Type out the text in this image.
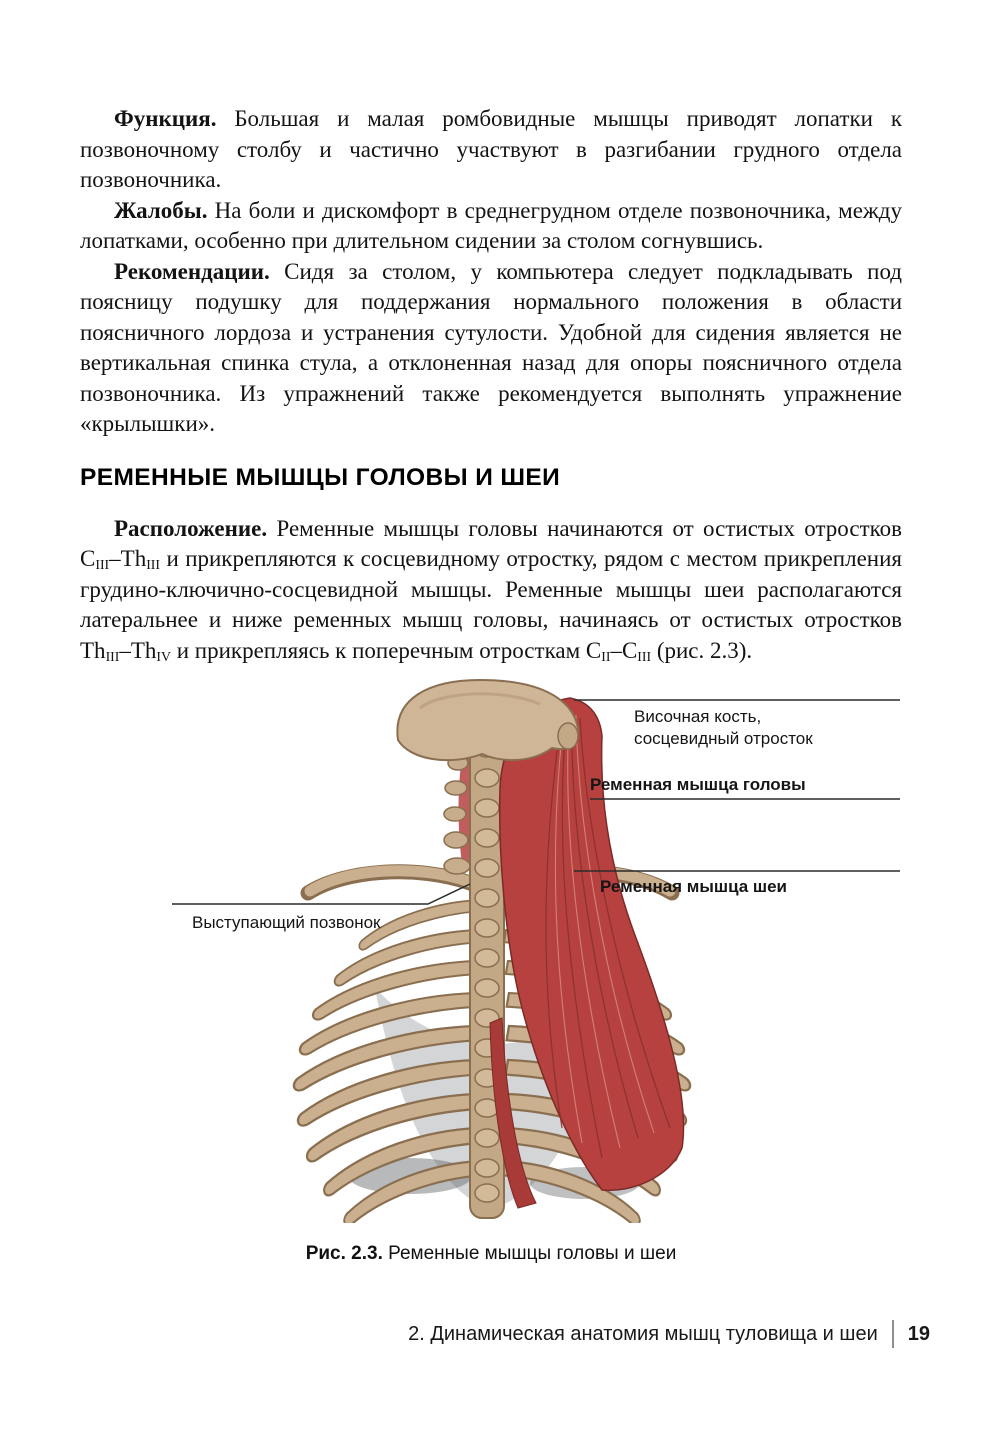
Функция. Большая и малая ромбовидные мышцы приводят лопатки к позвоночному столбу и частично участвуют в разгибании грудного отдела позвоночника.

Жалобы. На боли и дискомфорт в среднегрудном отделе позвоночника, между лопатками, особенно при длительном сидении за столом согнувшись.

Рекомендации. Сидя за столом, у компьютера следует подкладывать под поясницу подушку для поддержания нормального положения в области поясничного лордоза и устранения сутулости. Удобной для сидения является не вертикальная спинка стула, а отклоненная назад для опоры поясничного отдела позвоночника. Из упражнений также рекомендуется выполнять упражнение «крылышки».

РЕМЕННЫЕ МЫШЦЫ ГОЛОВЫ И ШЕИ

Расположение. Ременные мышцы головы начинаются от остистых отростков $C_{III}-Th_{III}$ и прикрепляются к сосцевидному отростку, рядом с местом прикрепления грудино-ключично-сосцевидной мышцы. Ременные мышцы шеи располагаются латеральнее и ниже ременных мышц головы, начинаясь от остистых отростков $Th_{III}-Th_{IV}$ и прикрепляясь к поперечным отросткам $C_{II}-C_{III}$ (рис. 2.3).

Височная кость,
сосцевидный отросток
Ременная мышца головы
Ременная мышца шеи
Выступающий позвонок
Рис. 2.3. Ременные мышцы головы и шеи
2. Динамическая анатомия мышц туловища и шеи 19
